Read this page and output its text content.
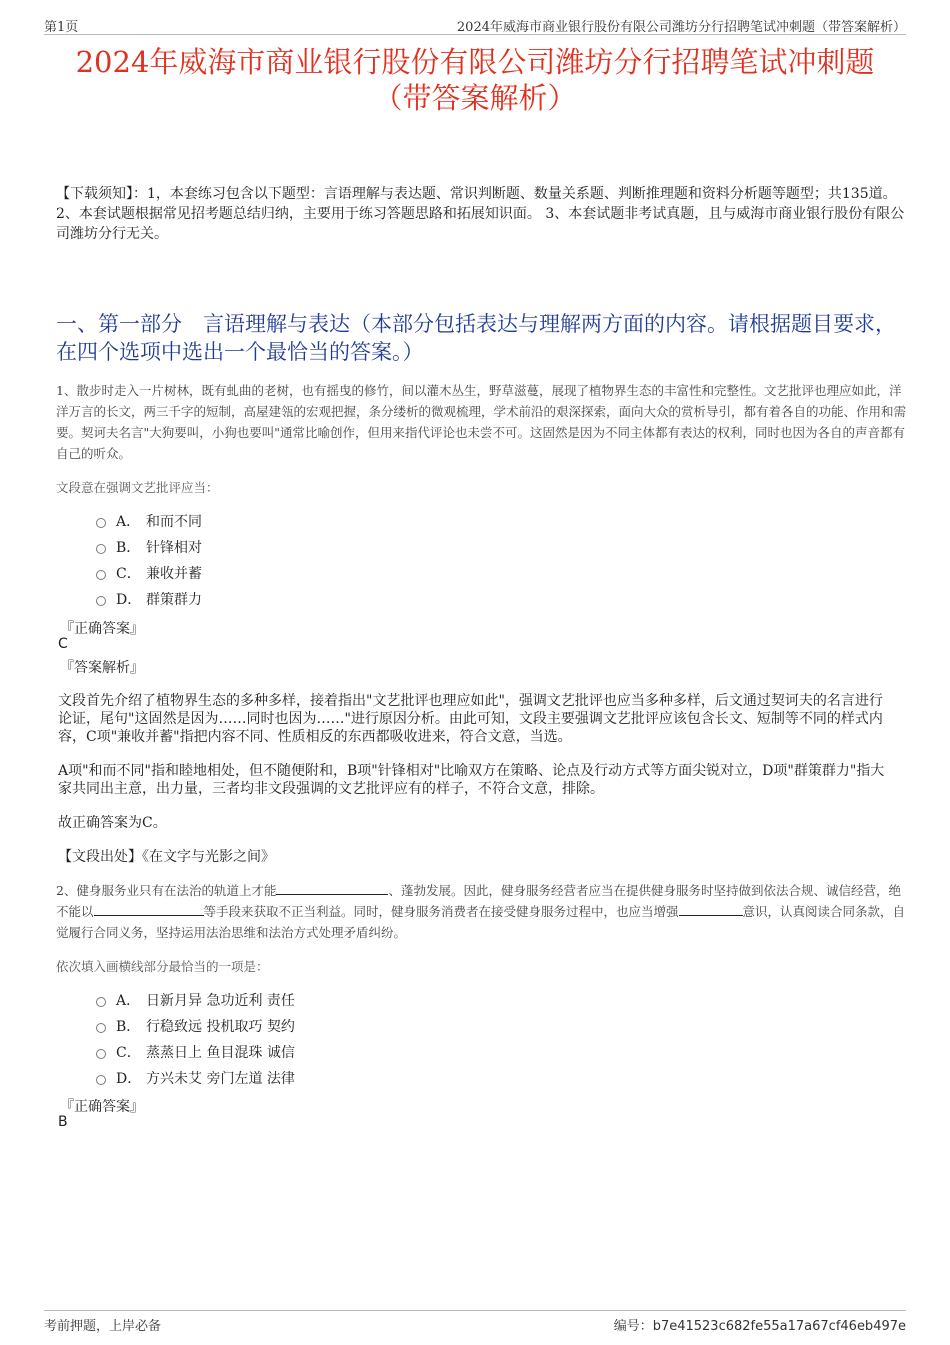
第1页	2024年威海市商业银行股份有限公司潍坊分行招聘笔试冲刺题（带答案解析）
2024年威海市商业银行股份有限公司潍坊分行招聘笔试冲刺题
（带答案解析）
【下载须知】：1，本套练习包含以下题型：言语理解与表达题、常识判断题、数量关系题、判断推理题和资料分析题等题型；共135道。 2、本套试题根据常见招考题总结归纳，主要用于练习答题思路和拓展知识面。 3、本套试题非考试真题，且与威海市商业银行股份有限公司潍坊分行无关。
一、第一部分　言语理解与表达（本部分包括表达与理解两方面的内容。请根据题目要求，在四个选项中选出一个最恰当的答案。）
1、散步时走入一片树林，既有虬曲的老树，也有摇曳的修竹，间以灌木丛生，野草滋蔓，展现了植物界生态的丰富性和完整性。文艺批评也理应如此，洋洋万言的长文，两三千字的短制，高屋建瓴的宏观把握，条分缕析的微观梳理，学术前沿的艰深探索，面向大众的赏析导引，都有着各自的功能、作用和需要。契诃夫名言"大狗要叫，小狗也要叫"通常比喻创作，但用来指代评论也未尝不可。这固然是因为不同主体都有表达的权利，同时也因为各自的声音都有自己的听众。
文段意在强调文艺批评应当：
A． 和而不同
B． 针锋相对
C． 兼收并蓄
D． 群策群力
『正确答案』
C
『答案解析』
文段首先介绍了植物界生态的多种多样，接着指出"文艺批评也理应如此"，强调文艺批评也应当多种多样，后文通过契诃夫的名言进行论证，尾句"这固然是因为……同时也因为……"进行原因分析。由此可知，文段主要强调文艺批评应该包含长文、短制等不同的样式内容，C项"兼收并蓄"指把内容不同、性质相反的东西都吸收进来，符合文意，当选。
A项"和而不同"指和睦地相处，但不随便附和，B项"针锋相对"比喻双方在策略、论点及行动方式等方面尖锐对立，D项"群策群力"指大家共同出主意，出力量，三者均非文段强调的文艺批评应有的样子，不符合文意，排除。
故正确答案为C。
【文段出处】《在文字与光影之间》
2、健身服务业只有在法治的轨道上才能	、蓬勃发展。因此，健身服务经营者应当在提供健身服务时坚持做到依法合规、诚信经营，绝不能以	等手段来获取不正当利益。同时，健身服务消费者在接受健身服务过程中，也应当增强	意识，认真阅读合同条款，自觉履行合同义务，坚持运用法治思维和法治方式处理矛盾纠纷。
依次填入画横线部分最恰当的一项是：
A． 日新月异 急功近利 责任
B． 行稳致远 投机取巧 契约
C． 蒸蒸日上 鱼目混珠 诚信
D． 方兴未艾 旁门左道 法律
『正确答案』
B
考前押题，上岸必备	编号：b7e41523c682fe55a17a67cf46eb497e
